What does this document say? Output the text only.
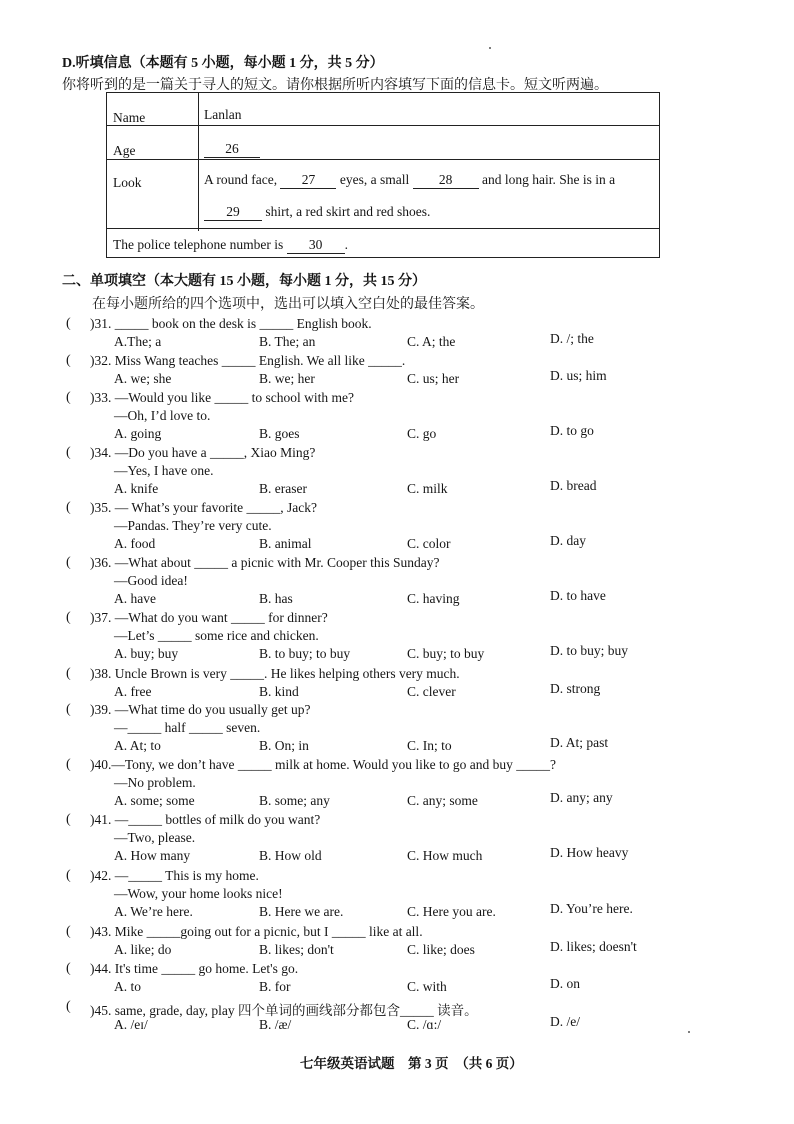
D.听填信息（本题有 5 小题，每小题 1 分，共 5 分）
你将听到的是一篇关于寻人的短文。请你根据所听内容填写下面的信息卡。短文听两遍。
Name	Lanlan
Age	26
Look	A round face, 27 eyes, a small 28 and long hair. She is in a
29 shirt, a red skirt and red shoes.
The police telephone number is 30 .
二、单项填空（本大题有 15 小题，每小题 1 分，共 15 分）
在每小题所给的四个选项中，选出可以填入空白处的最佳答案。
( )31. _____ book on the desk is _____ English book.
A.The; a	B. The; an	C. A; the	D. /; the
( )32. Miss Wang teaches _____ English. We all like _____.
A. we; she	B. we; her	C. us; her	D. us; him
( )33. —Would you like _____ to school with me?
—Oh, I’d love to.
A. going	B. goes	C. go	D. to go
( )34. —Do you have a _____, Xiao Ming?
—Yes, I have one.
A. knife	B. eraser	C. milk	D. bread
( )35. — What’s your favorite _____, Jack?
—Pandas. They’re very cute.
A. food	B. animal	C. color	D. day
( )36. —What about _____ a picnic with Mr. Cooper this Sunday?
—Good idea!
A. have	B. has	C. having	D. to have
( )37. —What do you want _____ for dinner?
—Let’s _____ some rice and chicken.
A. buy; buy	B. to buy; to buy	C. buy; to buy	D. to buy; buy
( )38. Uncle Brown is very _____. He likes helping others very much.
A. free	B. kind	C. clever	D. strong
( )39. —What time do you usually get up?
—_____ half _____ seven.
A. At; to	B. On; in	C. In; to	D. At; past
( )40.—Tony, we don’t have _____ milk at home. Would you like to go and buy _____?
—No problem.
A. some; some	B. some; any	C. any; some	D. any; any
( )41. —_____ bottles of milk do you want?
—Two, please.
A. How many	B. How old	C. How much	D. How heavy
( )42. —_____ This is my home.
—Wow, your home looks nice!
A. We’re here.	B. Here we are.	C. Here you are.	D. You’re here.
( )43. Mike _____going out for a picnic, but I _____ like at all.
A. like; do	B. likes; don't	C. like; does	D. likes; doesn't
( )44. It's time _____ go home. Let's go.
A. to	B. for	C. with	D. on
( )45. same, grade, day, play 四个单词的画线部分都包含_____ 读音。
A. /eɪ/	B. /æ/	C. /ɑ:/	D. /e/
七年级英语试题　第 3 页　（共 6 页）
